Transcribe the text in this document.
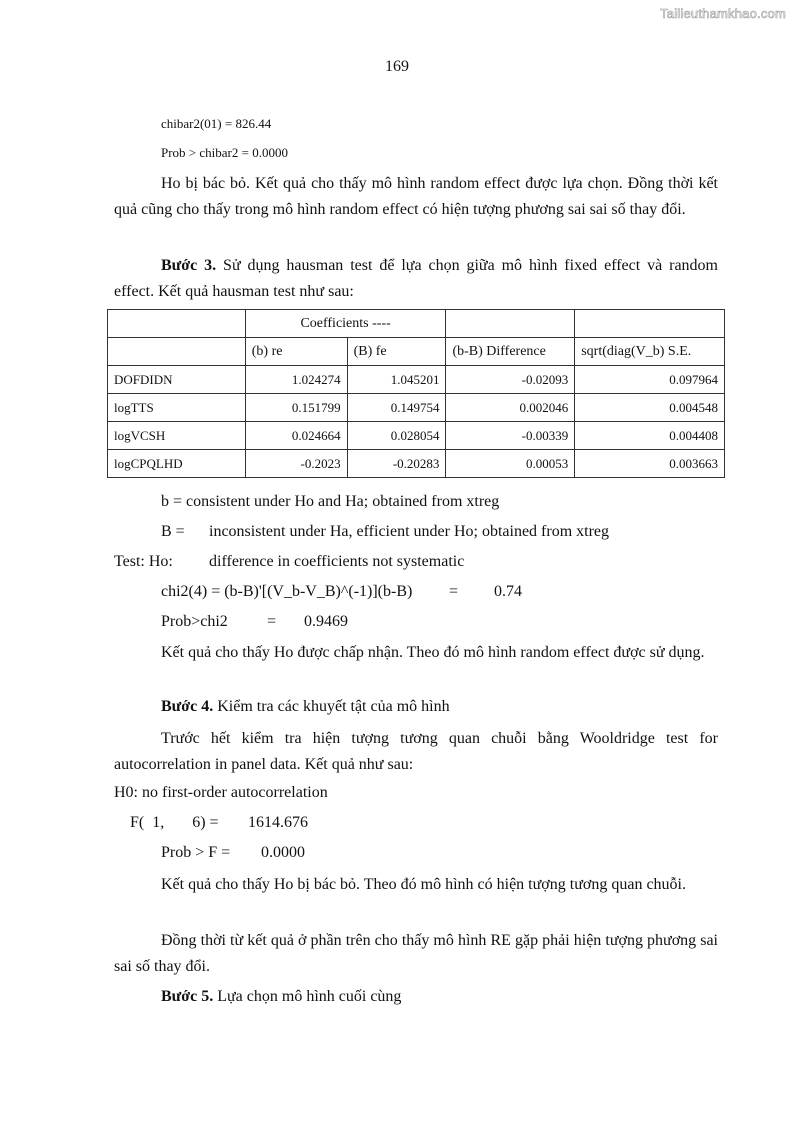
Tailieuthamkhao.com
169
chibar2(01) = 826.44
Prob > chibar2 = 0.0000
Ho bị bác bỏ. Kết quả cho thấy mô hình random effect được lựa chọn. Đồng thời kết quả cũng cho thấy trong mô hình random effect có hiện tượng phương sai sai số thay đổi.
Bước 3. Sử dụng hausman test để lựa chọn giữa mô hình fixed effect và random effect. Kết quả hausman test như sau:
	Coefficients ----			
	(b) re	(B) fe	(b-B) Difference	sqrt(diag(V_b) S.E.
DOFDIDN	1.024274	1.045201	-0.02093	0.097964
logTTS	0.151799	0.149754	0.002046	0.004548
logVCSH	0.024664	0.028054	-0.00339	0.004408
logCPQLHD	-0.2023	-0.20283	0.00053	0.003663
b = consistent under Ho and Ha; obtained from xtreg
B = inconsistent under Ha, efficient under Ho; obtained from xtreg
Test: Ho: difference in coefficients not systematic
chi2(4) = (b-B)'[(V_b-V_B)^(-1)](b-B) = 0.74
Prob>chi2 = 0.9469
Kết quả cho thấy Ho được chấp nhận. Theo đó mô hình random effect được sử dụng.
Bước 4. Kiểm tra các khuyết tật của mô hình
Trước hết kiểm tra hiện tượng tương quan chuỗi bằng Wooldridge test for autocorrelation in panel data. Kết quả như sau:
H0: no first-order autocorrelation
F(  1,       6) = 1614.676
Prob > F = 0.0000
Kết quả cho thấy Ho bị bác bỏ. Theo đó mô hình có hiện tượng tương quan chuỗi.
Đồng thời từ kết quả ở phần trên cho thấy mô hình RE gặp phải hiện tượng phương sai sai số thay đổi.
Bước 5. Lựa chọn mô hình cuối cùng
